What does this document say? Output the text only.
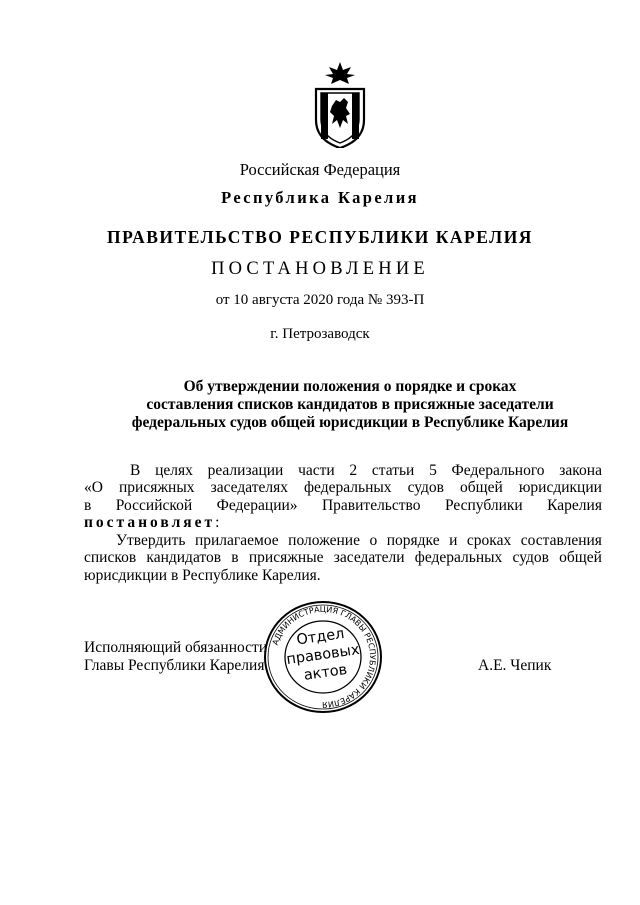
Российская Федерация
Республика Карелия
ПРАВИТЕЛЬСТВО РЕСПУБЛИКИ КАРЕЛИЯ
ПОСТАНОВЛЕНИЕ
от 10 августа 2020 года № 393-П
г. Петрозаводск
Об утверждении положения о порядке и сроках
составления списков кандидатов в присяжные заседатели
федеральных судов общей юрисдикции в Республике Карелия
В целях реализации части 2 статьи 5 Федерального закона
«О присяжных заседателях федеральных судов общей юрисдикции
в Российской Федерации» Правительство Республики Карелия
постановляет:
Утвердить прилагаемое положение о порядке и сроках составления
списков кандидатов в присяжные заседатели федеральных судов общей
юрисдикции в Республике Карелия.
Исполняющий обязанности
Главы Республики Карелия
АДМИНИСТРАЦИЯ ГЛАВЫ РЕСПУБЛИКИ КАРЕЛИЯ
Отдел
правовых
актов	А.Е. Чепик
